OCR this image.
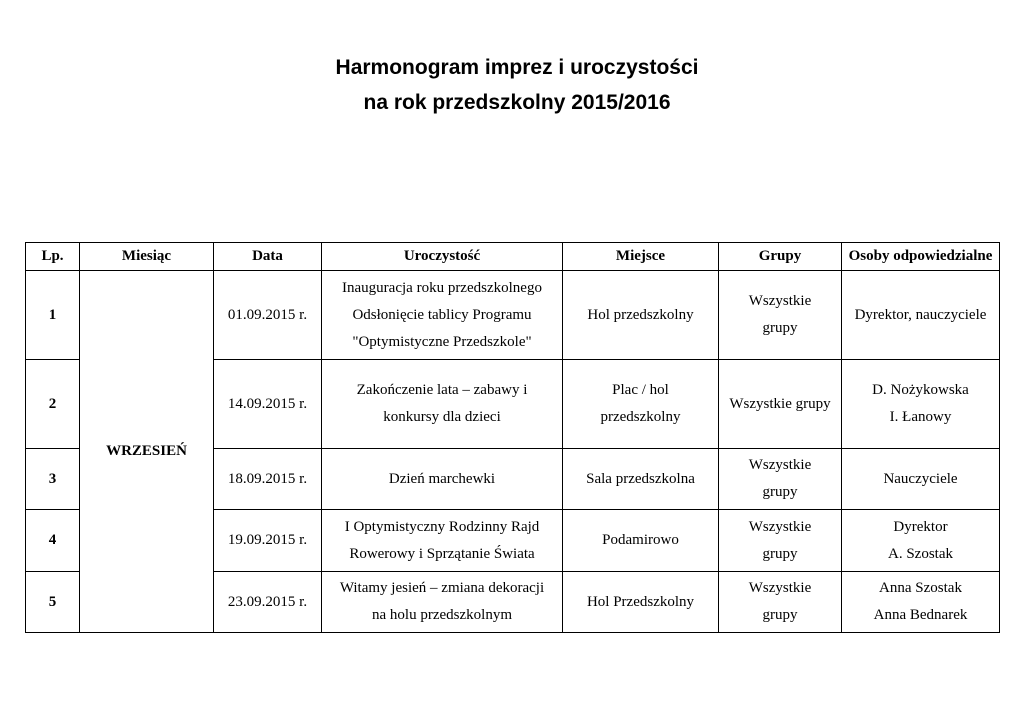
Harmonogram imprez i uroczystości
na rok przedszkolny 2015/2016
Lp.	Miesiąc	Data	Uroczystość	Miejsce	Grupy	Osoby odpowiedzialne
1	WRZESIEŃ	01.09.2015 r.	Inauguracja roku przedszkolnego
Odsłonięcie tablicy Programu
"Optymistyczne Przedszkole"	Hol przedszkolny	Wszystkie
grupy	Dyrektor, nauczyciele

2		14.09.2015 r.	Zakończenie lata – zabawy i
konkursy dla dzieci	Plac / hol
przedszkolny	Wszystkie grupy	D. Nożykowska
I. Łanowy

3		18.09.2015 r.	Dzień marchewki	Sala przedszkolna	Wszystkie
grupy	Nauczyciele

4		19.09.2015 r.	I Optymistyczny Rodzinny Rajd
Rowerowy i Sprzątanie Świata	Podamirowo	Wszystkie
grupy	Dyrektor
A. Szostak

5		23.09.2015 r.	Witamy jesień – zmiana dekoracji
na holu przedszkolnym	Hol Przedszkolny	Wszystkie
grupy	Anna Szostak
Anna Bednarek
